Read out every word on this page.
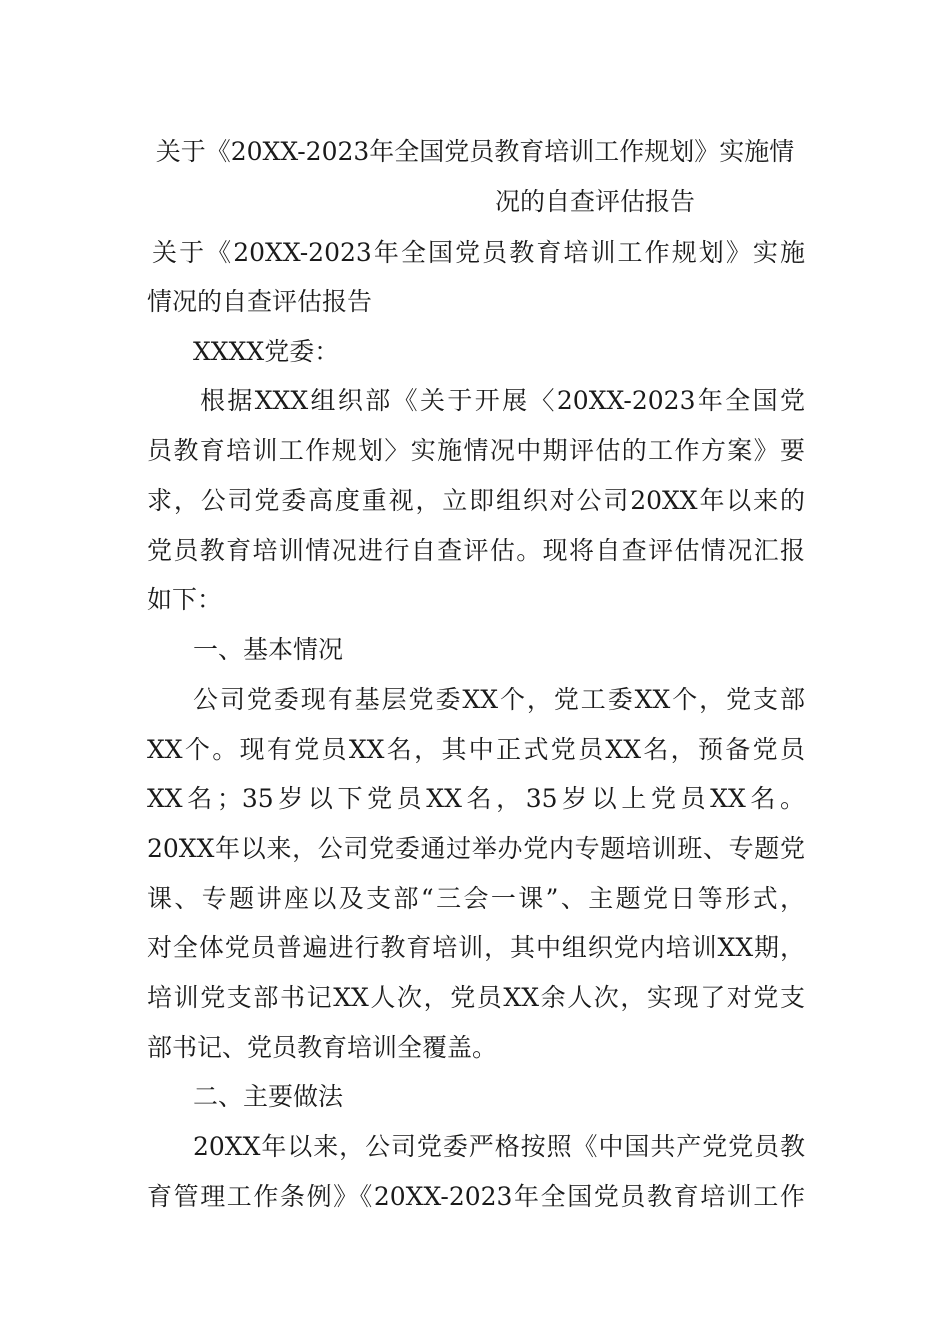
关于《20XX-2023年全国党员教育培训工作规划》实施情
况的自查评估报告
关于《20XX-2023年全国党员教育培训工作规划》实施
情况的自查评估报告
XXXX党委：
根据XXX组织部《关于开展〈20XX-2023年全国党
员教育培训工作规划〉实施情况中期评估的工作方案》要
求，公司党委高度重视，立即组织对公司20XX年以来的
党员教育培训情况进行自查评估。现将自查评估情况汇报
如下：
一、基本情况
公司党委现有基层党委XX个，党工委XX个，党支部
XX个。现有党员XX名，其中正式党员XX名，预备党员
XX名；35岁以下党员XX名，35岁以上党员XX名。
20XX年以来，公司党委通过举办党内专题培训班、专题党
课、专题讲座以及支部“三会一课”、主题党日等形式，
对全体党员普遍进行教育培训，其中组织党内培训XX期，
培训党支部书记XX人次，党员XX余人次，实现了对党支
部书记、党员教育培训全覆盖。
二、主要做法
20XX年以来，公司党委严格按照《中国共产党党员教
育管理工作条例》《20XX-2023年全国党员教育培训工作
